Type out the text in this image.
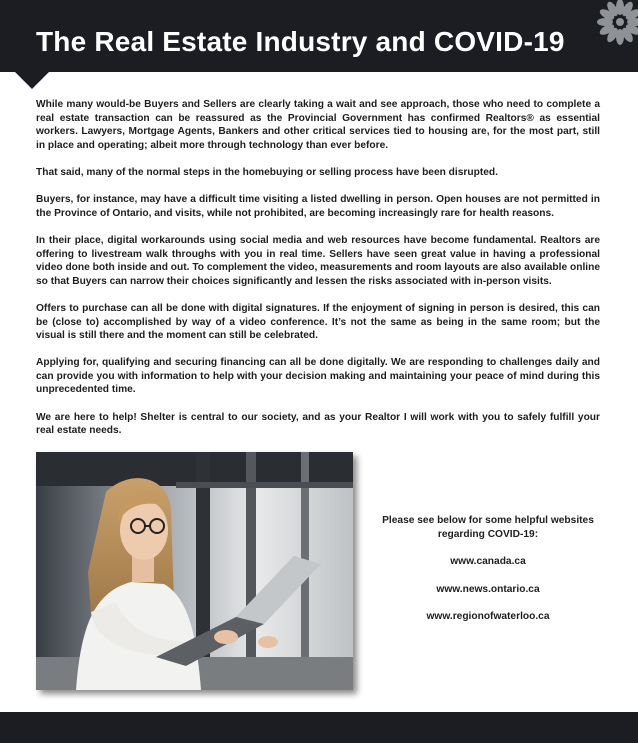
The Real Estate Industry and COVID-19

While many would-be Buyers and Sellers are clearly taking a wait and see approach, those who need to complete a real estate transaction can be reassured as the Provincial Government has confirmed Realtors® as essential workers. Lawyers, Mortgage Agents, Bankers and other critical services tied to housing are, for the most part, still in place and operating; albeit more through technology than ever before.

That said, many of the normal steps in the homebuying or selling process have been disrupted.

Buyers, for instance, may have a difficult time visiting a listed dwelling in person. Open houses are not permitted in the Province of Ontario, and visits, while not prohibited, are becoming increasingly rare for health reasons.

In their place, digital workarounds using social media and web resources have become fundamental. Realtors are offering to livestream walk throughs with you in real time. Sellers have seen great value in having a professional video done both inside and out. To complement the video, measurements and room layouts are also available online so that Buyers can narrow their choices significantly and lessen the risks associated with in-person visits.

Offers to purchase can all be done with digital signatures. If the enjoyment of signing in person is desired, this can be (close to) accomplished by way of a video conference. It’s not the same as being in the same room; but the visual is still there and the moment can still be celebrated.

Applying for, qualifying and securing financing can all be done digitally. We are responding to challenges daily and can provide you with information to help with your decision making and maintaining your peace of mind during this unprecedented time.

We are here to help! Shelter is central to our society, and as your Realtor I will work with you to safely fulfill your real estate needs.

Please see below for some helpful websites regarding COVID-19:
www.canada.ca
www.news.ontario.ca
www.regionofwaterloo.ca
